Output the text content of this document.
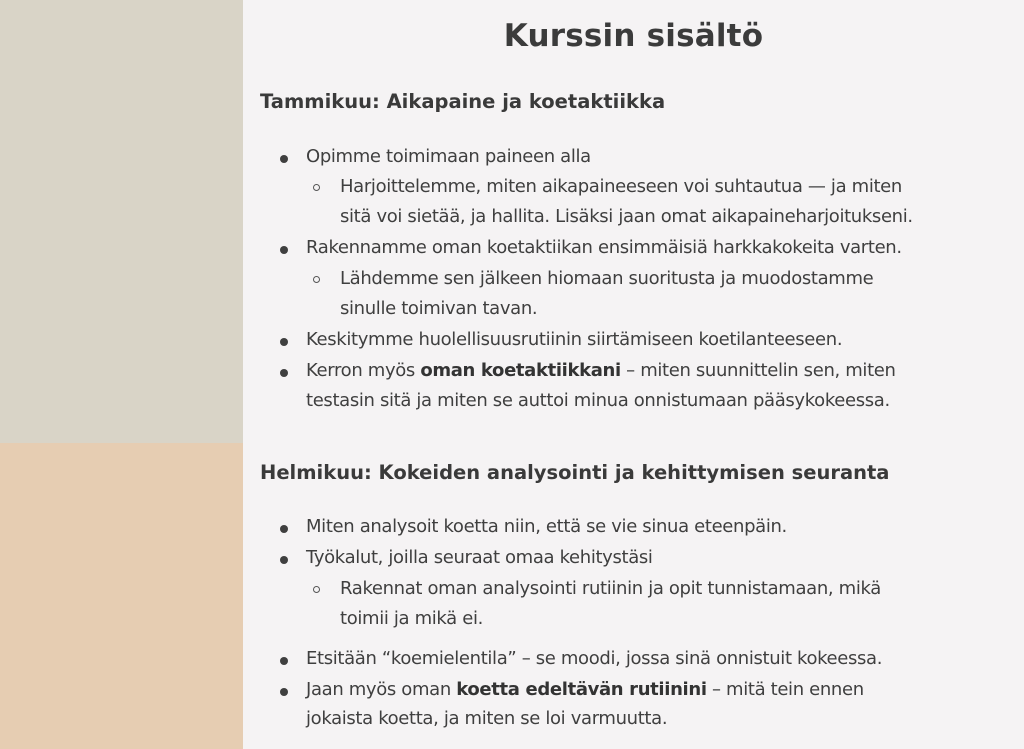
Kurssin sisältö
Tammikuu: Aikapaine ja koetaktiikka
Opimme toimimaan paineen alla
Harjoittelemme, miten aikapaineeseen voi suhtautua — ja miten
sitä voi sietää, ja hallita. Lisäksi jaan omat aikapaineharjoitukseni.
Rakennamme oman koetaktiikan ensimmäisiä harkkakokeita varten.
Lähdemme sen jälkeen hiomaan suoritusta ja muodostamme
sinulle toimivan tavan.
Keskitymme huolellisuusrutiinin siirtämiseen koetilanteeseen.
Kerron myös oman koetaktiikkani – miten suunnittelin sen, miten
testasin sitä ja miten se auttoi minua onnistumaan pääsykokeessa.
Helmikuu: Kokeiden analysointi ja kehittymisen seuranta
Miten analysoit koetta niin, että se vie sinua eteenpäin.
Työkalut, joilla seuraat omaa kehitystäsi
Rakennat oman analysointi rutiinin ja opit tunnistamaan, mikä
toimii ja mikä ei.
Etsitään “koemielentila” – se moodi, jossa sinä onnistuit kokeessa.
Jaan myös oman koetta edeltävän rutiinini – mitä tein ennen
jokaista koetta, ja miten se loi varmuutta.
